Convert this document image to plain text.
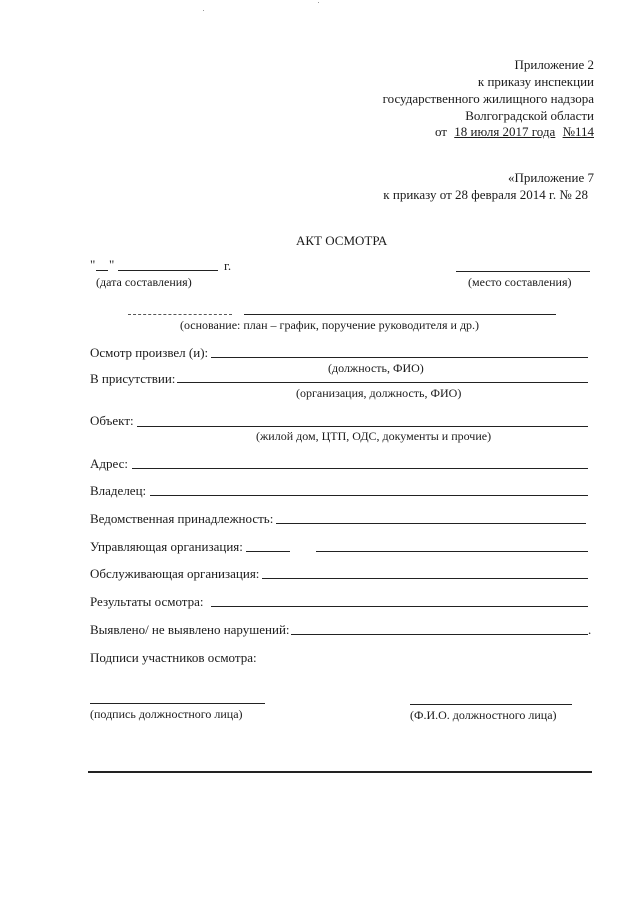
Приложение 2
к приказу инспекции
государственного жилищного надзора
Волгоградской области
от 18 июля 2017 года №114
«Приложение 7
к приказу от 28 февраля 2014 г. № 28
АКТ ОСМОТРА
" "	г.
(дата составления)	(место составления)
(основание: план – график, поручение руководителя и др.)
Осмотр произвел (и):
(должность, ФИО)
В присутствии:
(организация, должность, ФИО)
Объект:
(жилой дом, ЦТП, ОДС, документы и прочие)
Адрес:
Владелец:
Ведомственная принадлежность:
Управляющая организация:
Обслуживающая организация:
Результаты осмотра:
Выявлено/ не выявлено нарушений:	.
Подписи участников осмотра:
(подпись должностного лица)	(Ф.И.О. должностного лица)
